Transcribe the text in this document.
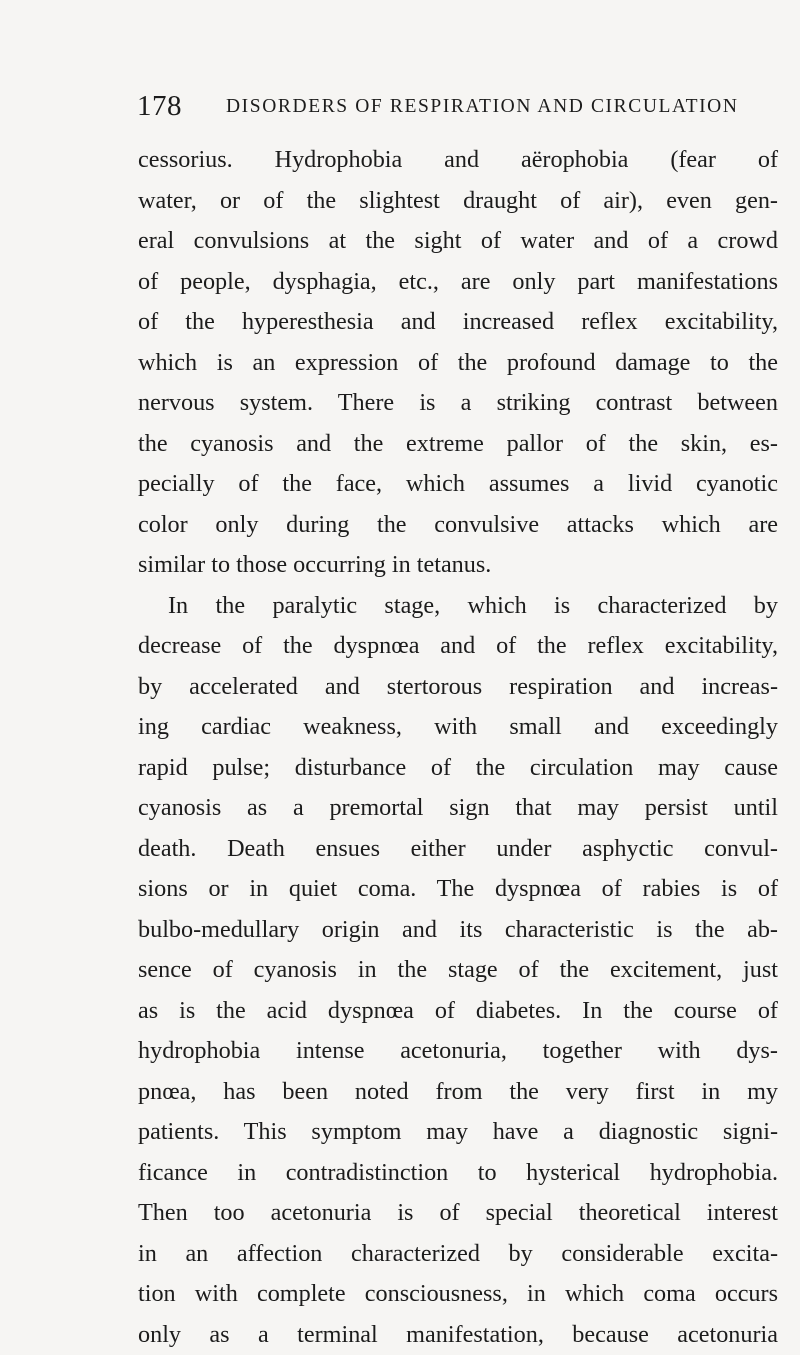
178 DISORDERS OF RESPIRATION AND CIRCULATION
cessorius. Hydrophobia and aërophobia (fear of
water, or of the slightest draught of air), even gen-
eral convulsions at the sight of water and of a crowd
of people, dysphagia, etc., are only part manifestations
of the hyperesthesia and increased reflex excitability,
which is an expression of the profound damage to the
nervous system. There is a striking contrast between
the cyanosis and the extreme pallor of the skin, es-
pecially of the face, which assumes a livid cyanotic
color only during the convulsive attacks which are
similar to those occurring in tetanus.
In the paralytic stage, which is characterized by
decrease of the dyspnœa and of the reflex excitability,
by accelerated and stertorous respiration and increas-
ing cardiac weakness, with small and exceedingly
rapid pulse; disturbance of the circulation may cause
cyanosis as a premortal sign that may persist until
death. Death ensues either under asphyctic convul-
sions or in quiet coma. The dyspnœa of rabies is of
bulbo-medullary origin and its characteristic is the ab-
sence of cyanosis in the stage of the excitement, just
as is the acid dyspnœa of diabetes. In the course of
hydrophobia intense acetonuria, together with dys-
pnœa, has been noted from the very first in my
patients. This symptom may have a diagnostic signi-
ficance in contradistinction to hysterical hydrophobia.
Then too acetonuria is of special theoretical interest
in an affection characterized by considerable excita-
tion with complete consciousness, in which coma occurs
only as a terminal manifestation, because acetonuria
